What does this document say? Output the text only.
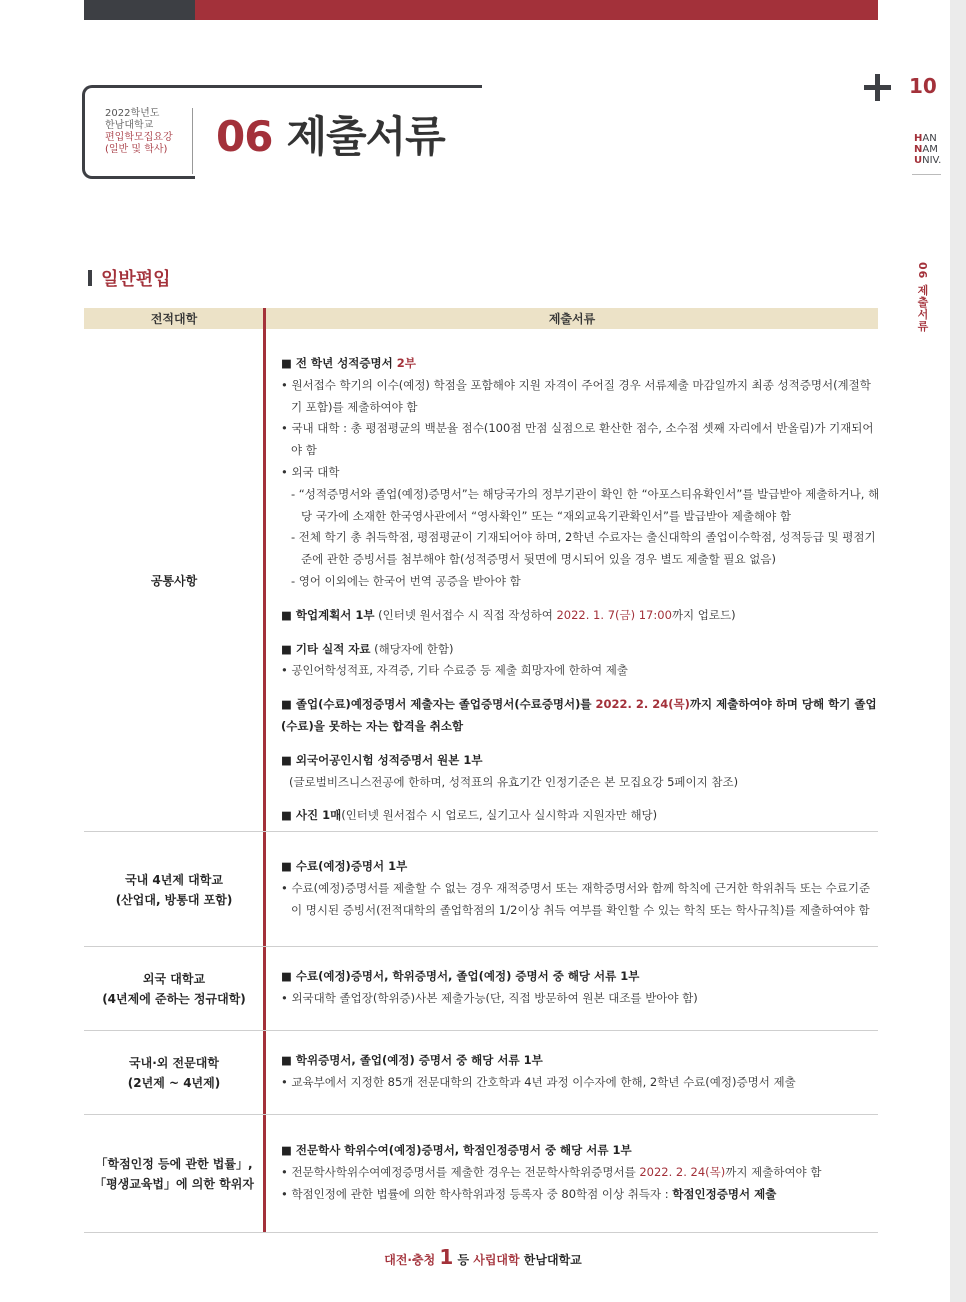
2022학년도
한남대학교
편입학모집요강
(일반 및 학사) 06 제출서류
10
HAN
NAM
UNIV.
06 제출서류
일반편입
전적대학	제출서류
공통사항
■ 전 학년 성적증명서 2부
• 원서접수 학기의 이수(예정) 학점을 포함해야 지원 자격이 주어질 경우 서류제출 마감일까지 최종 성적증명서(계절학기 포함)를 제출하여야 함
• 국내 대학 : 총 평점평균의 백분율 점수(100점 만점 실점으로 환산한 점수, 소수점 셋째 자리에서 반올림)가 기재되어야 함
• 외국 대학
- “성적증명서와 졸업(예정)증명서”는 해당국가의 정부기관이 확인 한 “아포스티유확인서”를 발급받아 제출하거나, 해당 국가에 소재한 한국영사관에서 “영사확인” 또는 “재외교육기관확인서”를 발급받아 제출해야 함
- 전체 학기 총 취득학점, 평점평균이 기재되어야 하며, 2학년 수료자는 출신대학의 졸업이수학점, 성적등급 및 평점기준에 관한 증빙서를 첨부해야 함(성적증명서 뒷면에 명시되어 있을 경우 별도 제출할 필요 없음)
- 영어 이외에는 한국어 번역 공증을 받아야 함
■ 학업계획서 1부 (인터넷 원서접수 시 직접 작성하여 2022. 1. 7(금) 17:00까지 업로드)
■ 기타 실적 자료 (해당자에 한함)
• 공인어학성적표, 자격증, 기타 수료증 등 제출 희망자에 한하여 제출
■ 졸업(수료)예정증명서 제출자는 졸업증명서(수료증명서)를 2022. 2. 24(목)까지 제출하여야 하며 당해 학기 졸업(수료)을 못하는 자는 합격을 취소함
■ 외국어공인시험 성적증명서 원본 1부
(글로벌비즈니스전공에 한하며, 성적표의 유효기간 인정기준은 본 모집요강 5페이지 참조)
■ 사진 1매(인터넷 원서접수 시 업로드, 실기고사 실시학과 지원자만 해당)
국내 4년제 대학교
(산업대, 방통대 포함)
■ 수료(예정)증명서 1부
• 수료(예정)증명서를 제출할 수 없는 경우 재적증명서 또는 재학증명서와 함께 학칙에 근거한 학위취득 또는 수료기준이 명시된 증빙서(전적대학의 졸업학점의 1/2이상 취득 여부를 확인할 수 있는 학칙 또는 학사규칙)를 제출하여야 함
외국 대학교
(4년제에 준하는 정규대학)
■ 수료(예정)증명서, 학위증명서, 졸업(예정) 증명서 중 해당 서류 1부
• 외국대학 졸업장(학위증)사본 제출가능(단, 직접 방문하여 원본 대조를 받아야 함)
국내·외 전문대학
(2년제 ~ 4년제)
■ 학위증명서, 졸업(예정) 증명서 중 해당 서류 1부
• 교육부에서 지정한 85개 전문대학의 간호학과 4년 과정 이수자에 한해, 2학년 수료(예정)증명서 제출
「학점인정 등에 관한 법률」,
「평생교육법」에 의한 학위자
■ 전문학사 학위수여(예정)증명서, 학점인정증명서 중 해당 서류 1부
• 전문학사학위수여예정증명서를 제출한 경우는 전문학사학위증명서를 2022. 2. 24(목)까지 제출하여야 함
• 학점인정에 관한 법률에 의한 학사학위과정 등록자 중 80학점 이상 취득자 : 학점인정증명서 제출
대전·충청 1 등 사립대학 한남대학교
